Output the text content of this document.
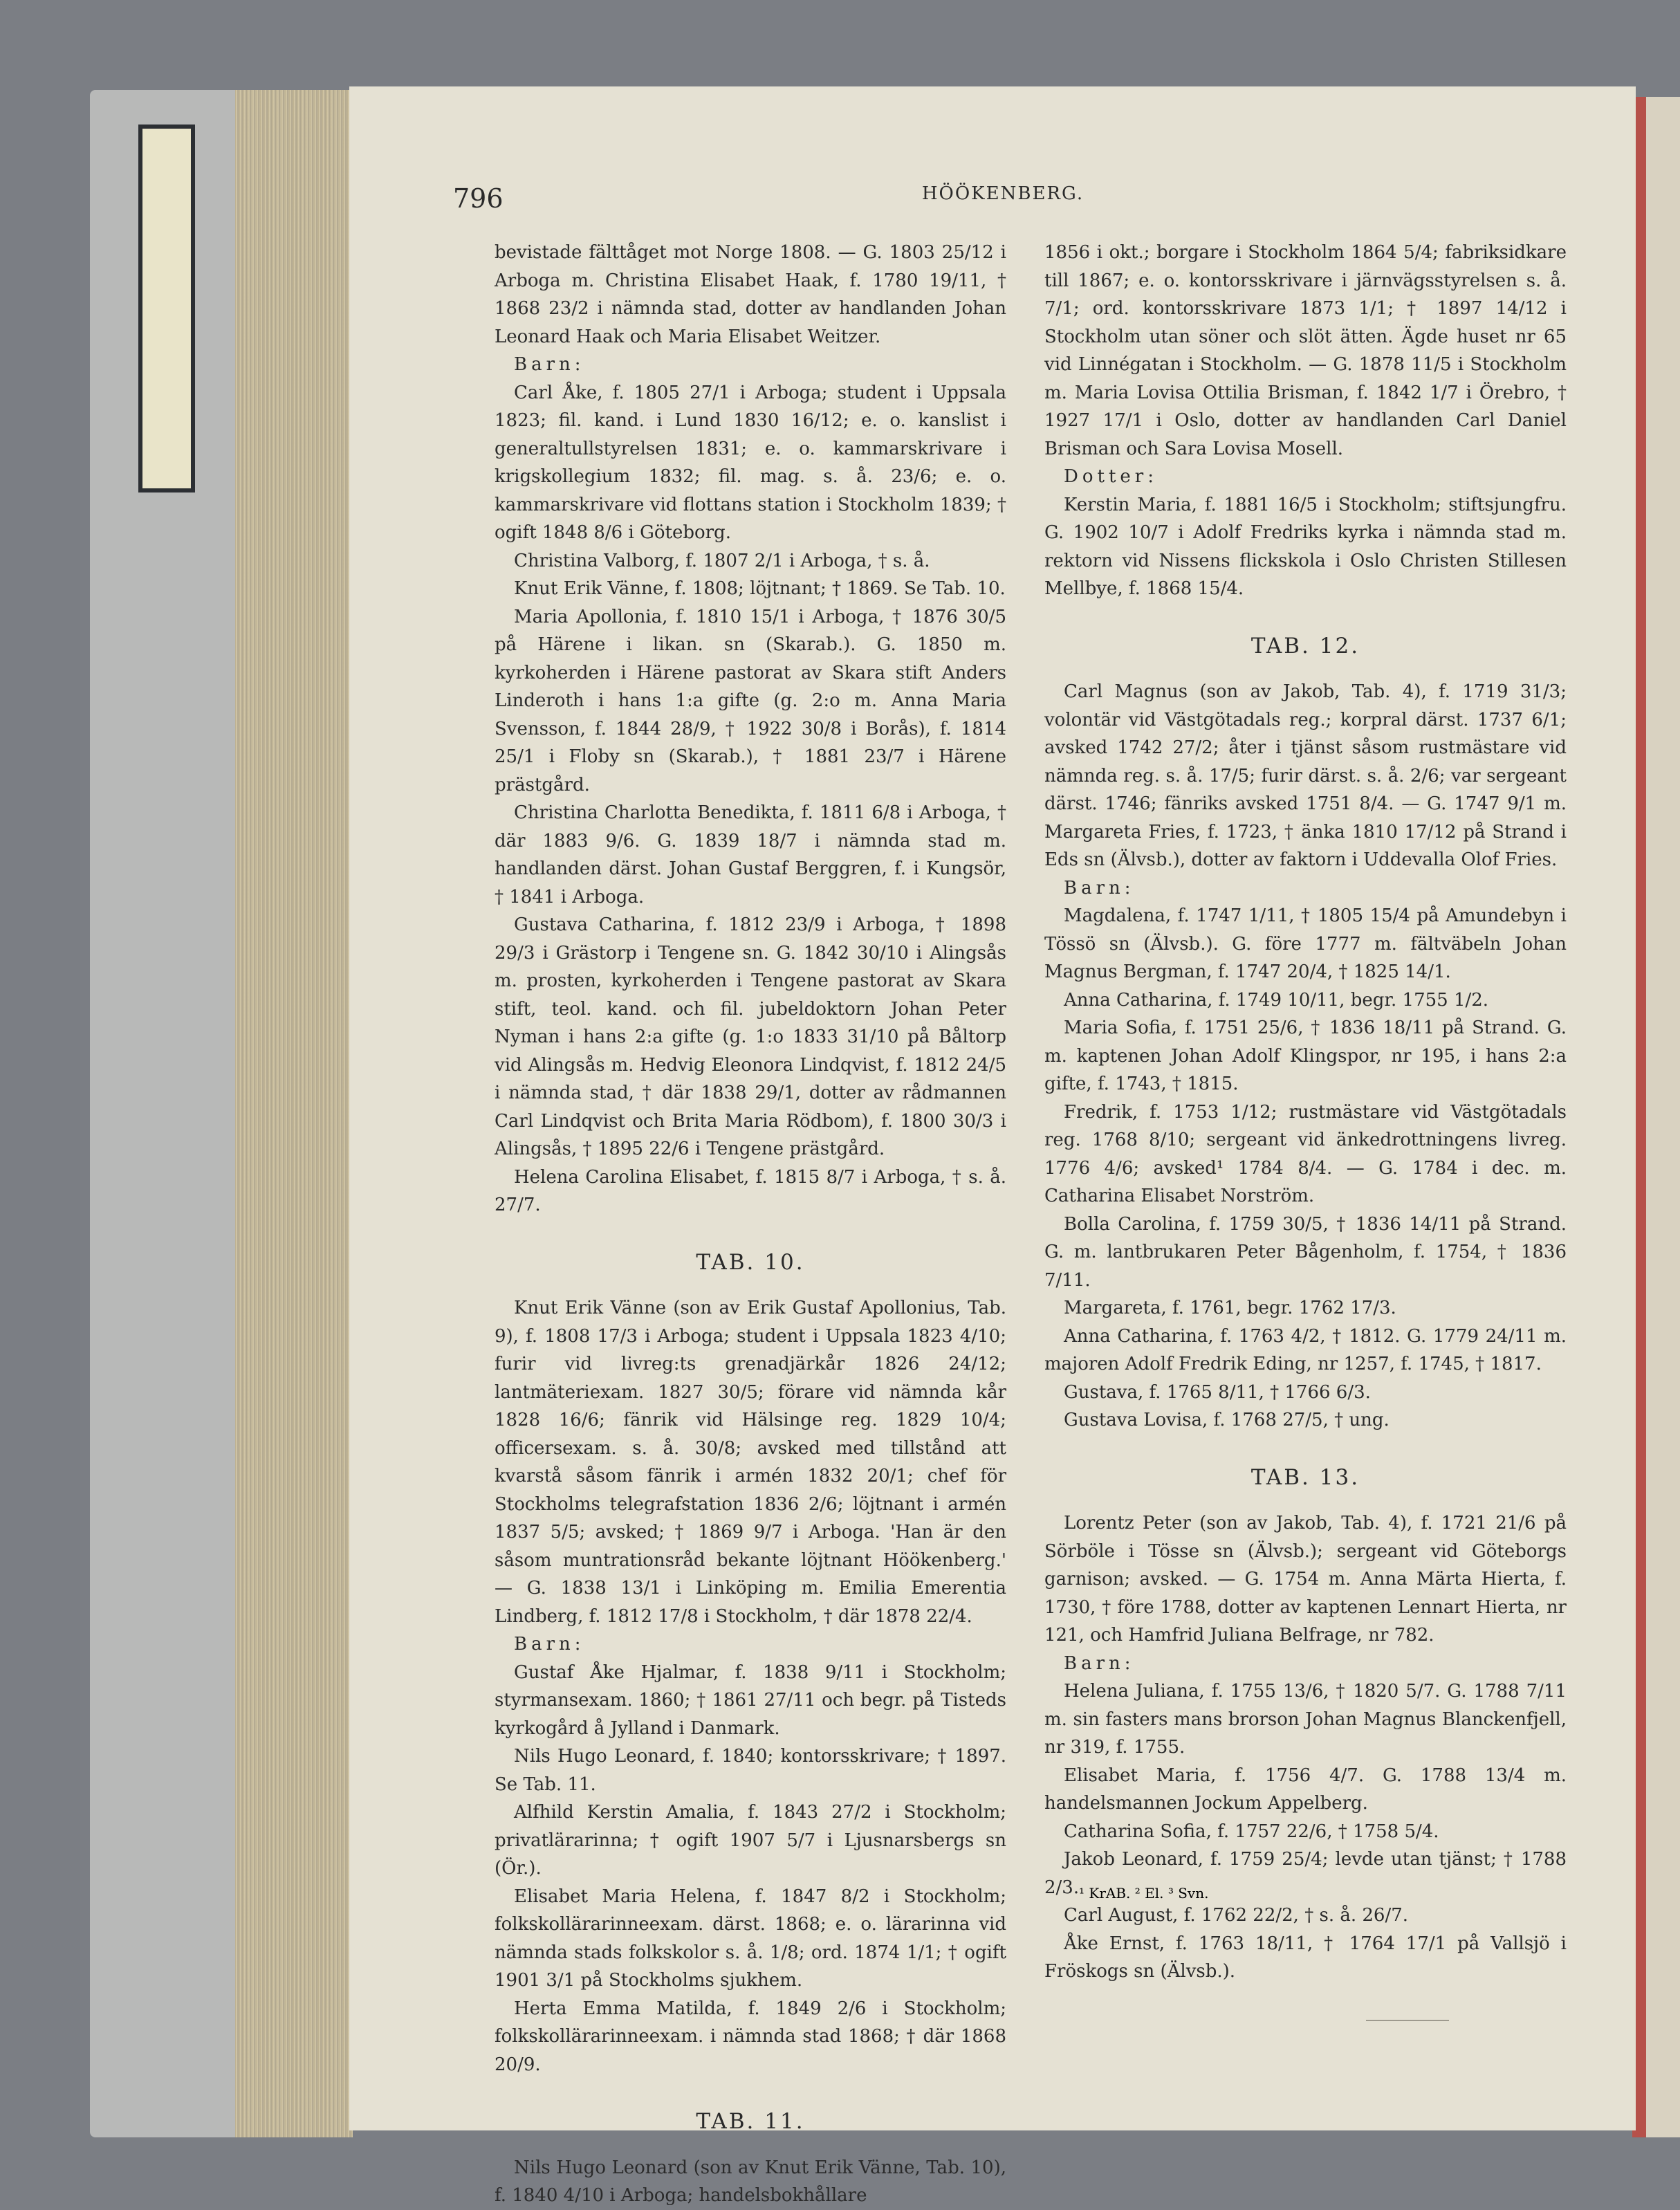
796	HÖÖKENBERG.

bevistade fälttåget mot Norge 1808. — G. 1803 25/12 i Arboga m. Christina Elisabet Haak, f. 1780 19/11, † 1868 23/2 i nämnda stad, dotter av handlanden Johan Leonard Haak och Maria Elisabet Weitzer.

Barn:

Carl Åke, f. 1805 27/1 i Arboga; student i Uppsala 1823; fil. kand. i Lund 1830 16/12; e. o. kanslist i generaltullstyrelsen 1831; e. o. kammarskrivare i krigskollegium 1832; fil. mag. s. å. 23/6; e. o. kammarskrivare vid flottans station i Stockholm 1839; † ogift 1848 8/6 i Göteborg.

Christina Valborg, f. 1807 2/1 i Arboga, † s. å.

Knut Erik Vänne, f. 1808; löjtnant; † 1869. Se Tab. 10.

Maria Apollonia, f. 1810 15/1 i Arboga, † 1876 30/5 på Härene i likan. sn (Skarab.). G. 1850 m. kyrkoherden i Härene pastorat av Skara stift Anders Linderoth i hans 1:a gifte (g. 2:o m. Anna Maria Svensson, f. 1844 28/9, † 1922 30/8 i Borås), f. 1814 25/1 i Floby sn (Skarab.), † 1881 23/7 i Härene prästgård.

Christina Charlotta Benedikta, f. 1811 6/8 i Arboga, † där 1883 9/6. G. 1839 18/7 i nämnda stad m. handlanden därst. Johan Gustaf Berggren, f. i Kungsör, † 1841 i Arboga.

Gustava Catharina, f. 1812 23/9 i Arboga, † 1898 29/3 i Grästorp i Tengene sn. G. 1842 30/10 i Alingsås m. prosten, kyrkoherden i Tengene pastorat av Skara stift, teol. kand. och fil. jubeldoktorn Johan Peter Nyman i hans 2:a gifte (g. 1:o 1833 31/10 på Båltorp vid Alingsås m. Hedvig Eleonora Lindqvist, f. 1812 24/5 i nämnda stad, † där 1838 29/1, dotter av rådmannen Carl Lindqvist och Brita Maria Rödbom), f. 1800 30/3 i Alingsås, † 1895 22/6 i Tengene prästgård.

Helena Carolina Elisabet, f. 1815 8/7 i Arboga, † s. å. 27/7.

TAB. 10.

Knut Erik Vänne (son av Erik Gustaf Apollonius, Tab. 9), f. 1808 17/3 i Arboga; student i Uppsala 1823 4/10; furir vid livreg:ts grenadjärkår 1826 24/12; lantmäteriexam. 1827 30/5; förare vid nämnda kår 1828 16/6; fänrik vid Hälsinge reg. 1829 10/4; officersexam. s. å. 30/8; avsked med tillstånd att kvarstå såsom fänrik i armén 1832 20/1; chef för Stockholms telegrafstation 1836 2/6; löjtnant i armén 1837 5/5; avsked; † 1869 9/7 i Arboga. 'Han är den såsom muntrationsråd bekante löjtnant Höökenberg.' — G. 1838 13/1 i Linköping m. Emilia Emerentia Lindberg, f. 1812 17/8 i Stockholm, † där 1878 22/4.

Barn:

Gustaf Åke Hjalmar, f. 1838 9/11 i Stockholm; styrmansexam. 1860; † 1861 27/11 och begr. på Tisteds kyrkogård å Jylland i Danmark.

Nils Hugo Leonard, f. 1840; kontorsskrivare; † 1897. Se Tab. 11.

Alfhild Kerstin Amalia, f. 1843 27/2 i Stockholm; privatlärarinna; † ogift 1907 5/7 i Ljusnarsbergs sn (Ör.).

Elisabet Maria Helena, f. 1847 8/2 i Stockholm; folkskollärarinneexam. därst. 1868; e. o. lärarinna vid nämnda stads folkskolor s. å. 1/8; ord. 1874 1/1; † ogift 1901 3/1 på Stockholms sjukhem.

Herta Emma Matilda, f. 1849 2/6 i Stockholm; folkskollärarinneexam. i nämnda stad 1868; † där 1868 20/9.

TAB. 11.

Nils Hugo Leonard (son av Knut Erik Vänne, Tab. 10), f. 1840 4/10 i Arboga; handelsbokhållare

1856 i okt.; borgare i Stockholm 1864 5/4; fabriksidkare till 1867; e. o. kontorsskrivare i järnvägsstyrelsen s. å. 7/1; ord. kontorsskrivare 1873 1/1; † 1897 14/12 i Stockholm utan söner och slöt ätten. Ägde huset nr 65 vid Linnégatan i Stockholm. — G. 1878 11/5 i Stockholm m. Maria Lovisa Ottilia Brisman, f. 1842 1/7 i Örebro, † 1927 17/1 i Oslo, dotter av handlanden Carl Daniel Brisman och Sara Lovisa Mosell.

Dotter:

Kerstin Maria, f. 1881 16/5 i Stockholm; stiftsjungfru. G. 1902 10/7 i Adolf Fredriks kyrka i nämnda stad m. rektorn vid Nissens flickskola i Oslo Christen Stillesen Mellbye, f. 1868 15/4.

TAB. 12.

Carl Magnus (son av Jakob, Tab. 4), f. 1719 31/3; volontär vid Västgötadals reg.; korpral därst. 1737 6/1; avsked 1742 27/2; åter i tjänst såsom rustmästare vid nämnda reg. s. å. 17/5; furir därst. s. å. 2/6; var sergeant därst. 1746; fänriks avsked 1751 8/4. — G. 1747 9/1 m. Margareta Fries, f. 1723, † änka 1810 17/12 på Strand i Eds sn (Älvsb.), dotter av faktorn i Uddevalla Olof Fries.

Barn:

Magdalena, f. 1747 1/11, † 1805 15/4 på Amundebyn i Tössö sn (Älvsb.). G. före 1777 m. fältväbeln Johan Magnus Bergman, f. 1747 20/4, † 1825 14/1.

Anna Catharina, f. 1749 10/11, begr. 1755 1/2.

Maria Sofia, f. 1751 25/6, † 1836 18/11 på Strand. G. m. kaptenen Johan Adolf Klingspor, nr 195, i hans 2:a gifte, f. 1743, † 1815.

Fredrik, f. 1753 1/12; rustmästare vid Västgötadals reg. 1768 8/10; sergeant vid änkedrottningens livreg. 1776 4/6; avsked¹ 1784 8/4. — G. 1784 i dec. m. Catharina Elisabet Norström.

Bolla Carolina, f. 1759 30/5, † 1836 14/11 på Strand. G. m. lantbrukaren Peter Bågenholm, f. 1754, † 1836 7/11.

Margareta, f. 1761, begr. 1762 17/3.

Anna Catharina, f. 1763 4/2, † 1812. G. 1779 24/11 m. majoren Adolf Fredrik Eding, nr 1257, f. 1745, † 1817.

Gustava, f. 1765 8/11, † 1766 6/3.

Gustava Lovisa, f. 1768 27/5, † ung.

TAB. 13.

Lorentz Peter (son av Jakob, Tab. 4), f. 1721 21/6 på Sörböle i Tösse sn (Älvsb.); sergeant vid Göteborgs garnison; avsked. — G. 1754 m. Anna Märta Hierta, f. 1730, † före 1788, dotter av kaptenen Lennart Hierta, nr 121, och Hamfrid Juliana Belfrage, nr 782.

Barn:

Helena Juliana, f. 1755 13/6, † 1820 5/7. G. 1788 7/11 m. sin fasters mans brorson Johan Magnus Blanckenfjell, nr 319, f. 1755.

Elisabet Maria, f. 1756 4/7. G. 1788 13/4 m. handelsmannen Jockum Appelberg.

Catharina Sofia, f. 1757 22/6, † 1758 5/4.

Jakob Leonard, f. 1759 25/4; levde utan tjänst; † 1788 2/3.

Carl August, f. 1762 22/2, † s. å. 26/7.

Åke Ernst, f. 1763 18/11, † 1764 17/1 på Vallsjö i Fröskogs sn (Älvsb.).

¹ KrAB. ² El. ³ Svn.
